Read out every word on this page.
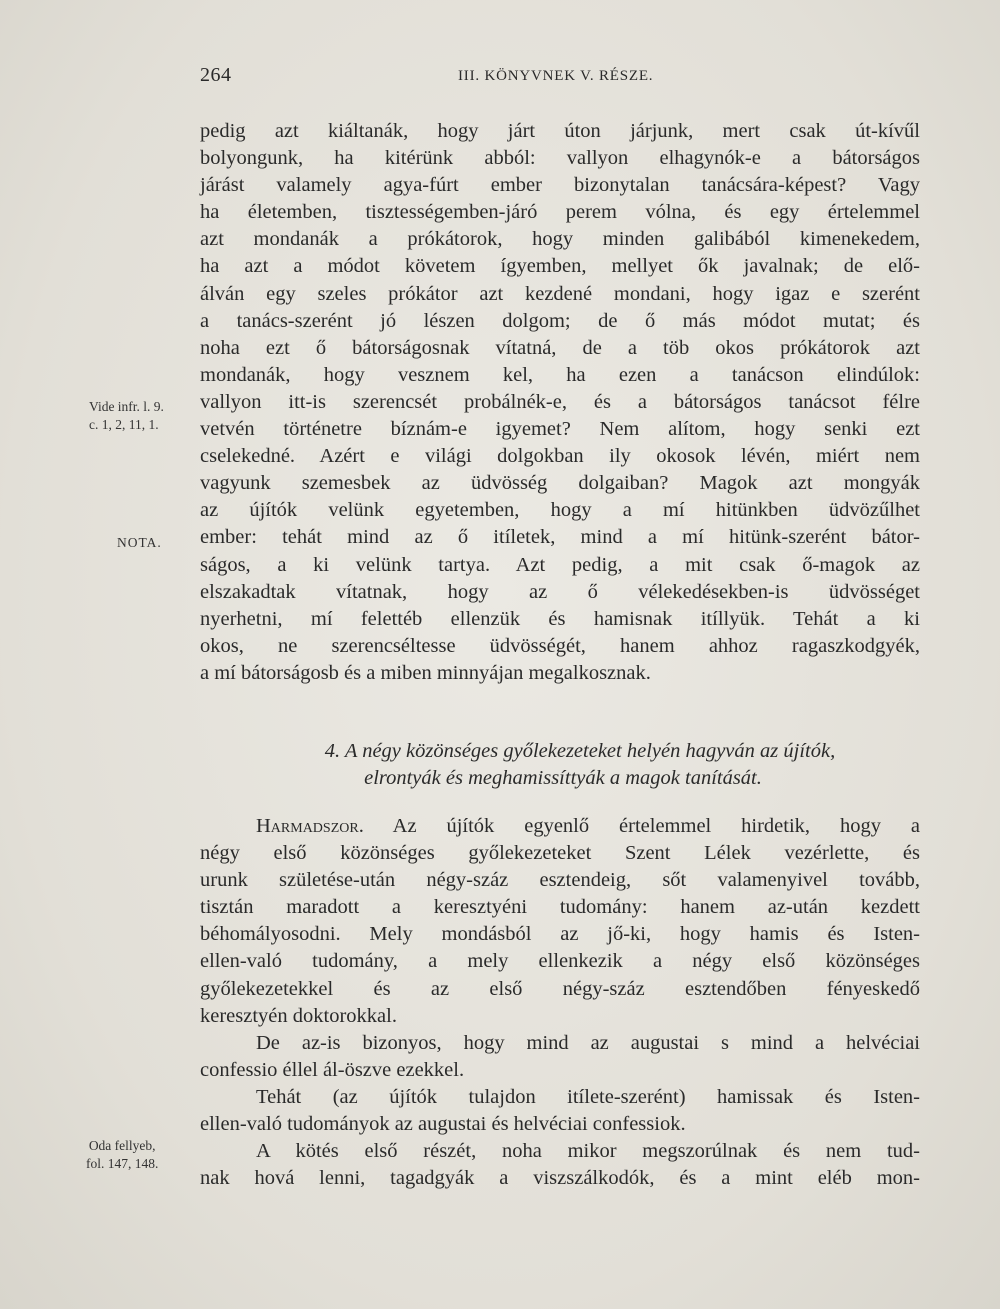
264	III. KÖNYVNEK V. RÉSZE.
pedig azt kiáltanák, hogy járt úton járjunk, mert csak út-kívűl
bolyongunk, ha kitérünk abból: vallyon elhagynók-e a bátorságos
járást valamely agya-fúrt ember bizonytalan tanácsára-képest? Vagy
ha életemben, tisztességemben-járó perem vólna, és egy értelemmel
azt mondanák a prókátorok, hogy minden galibából kimenekedem,
ha azt a módot követem ígyemben, mellyet ők javalnak; de elő-
álván egy szeles prókátor azt kezdené mondani, hogy igaz e szerént
a tanács-szerént jó lészen dolgom; de ő más módot mutat; és
noha ezt ő bátorságosnak vítatná, de a töb okos prókátorok azt
mondanák, hogy vesznem kel, ha ezen a tanácson elindúlok:
vallyon itt-is szerencsét probálnék-e, és a bátorságos tanácsot félre
vetvén történetre bíznám-e igyemet? Nem alítom, hogy senki ezt
cselekedné. Azért e világi dolgokban ily okosok lévén, miért nem
vagyunk szemesbek az üdvösség dolgaiban? Magok azt mongyák
az újítók velünk egyetemben, hogy a mí hitünkben üdvözűlhet
ember: tehát mind az ő itíletek, mind a mí hitünk-szerént bátor-
ságos, a ki velünk tartya. Azt pedig, a mit csak ő-magok az
elszakadtak vítatnak, hogy az ő vélekedésekben-is üdvösséget
nyerhetni, mí felettéb ellenzük és hamisnak itíllyük. Tehát a ki
okos, ne szerencséltesse üdvösségét, hanem ahhoz ragaszkodgyék,
a mí bátorságosb és a miben minnyájan megalkosznak.
4. A négy közönséges győlekezeteket helyén hagyván az újítók,
elrontyák és meghamissíttyák a magok tanítását.
Harmadszor. Az újítók egyenlő értelemmel hirdetik, hogy a
négy első közönséges győlekezeteket Szent Lélek vezérlette, és
urunk születése-után négy-száz esztendeig, sőt valamenyivel tovább,
tisztán maradott a keresztyéni tudomány: hanem az-után kezdett
béhomályosodni. Mely mondásból az jő-ki, hogy hamis és Isten-
ellen-való tudomány, a mely ellenkezik a négy első közönséges
győlekezetekkel és az első négy-száz esztendőben fényeskedő
keresztyén doktorokkal.
De az-is bizonyos, hogy mind az augustai s mind a helvéciai
confessio éllel ál-öszve ezekkel.
Tehát (az újítók tulajdon itílete-szerént) hamissak és Isten-
ellen-való tudományok az augustai és helvéciai confessiok.
A kötés első részét, noha mikor megszorúlnak és nem tud-
nak hová lenni, tagadgyák a viszszálkodók, és a mint eléb mon-
Vide infr. l. 9.
c. 1, 2, 11, 1.
NOTA.
Oda fellyeb,
fol. 147, 148.
